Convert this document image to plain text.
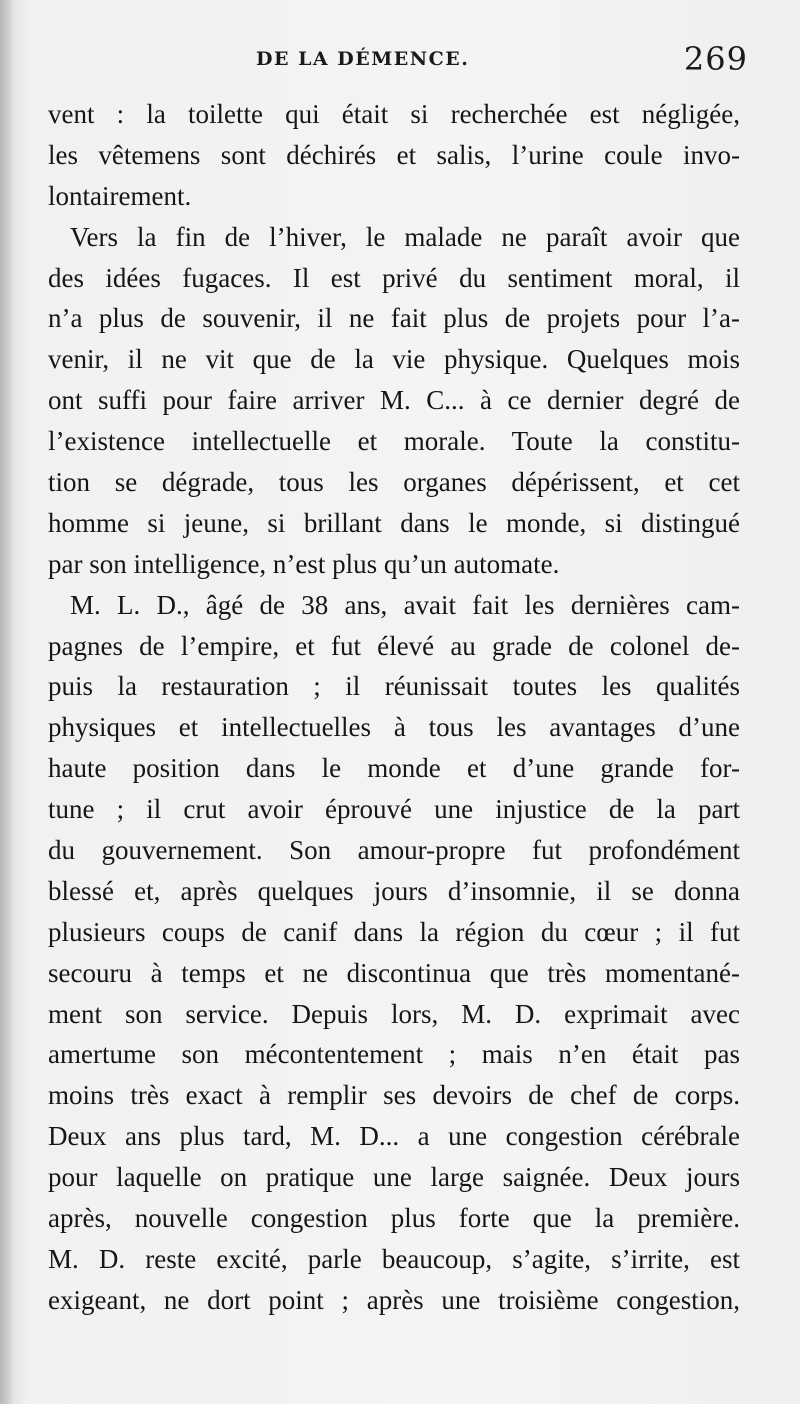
DE LA DÉMENCE.	269
vent : la toilette qui était si recherchée est négligée,
les vêtemens sont déchirés et salis, l’urine coule invo-
lontairement.
Vers la fin de l’hiver, le malade ne paraît avoir que
des idées fugaces. Il est privé du sentiment moral, il
n’a plus de souvenir, il ne fait plus de projets pour l’a-
venir, il ne vit que de la vie physique. Quelques mois
ont suffi pour faire arriver M. C... à ce dernier degré de
l’existence intellectuelle et morale. Toute la constitu-
tion se dégrade, tous les organes dépérissent, et cet
homme si jeune, si brillant dans le monde, si distingué
par son intelligence, n’est plus qu’un automate.
M. L. D., âgé de 38 ans, avait fait les dernières cam-
pagnes de l’empire, et fut élevé au grade de colonel de-
puis la restauration ; il réunissait toutes les qualités
physiques et intellectuelles à tous les avantages d’une
haute position dans le monde et d’une grande for-
tune ; il crut avoir éprouvé une injustice de la part
du gouvernement. Son amour-propre fut profondément
blessé et, après quelques jours d’insomnie, il se donna
plusieurs coups de canif dans la région du cœur ; il fut
secouru à temps et ne discontinua que très momentané-
ment son service. Depuis lors, M. D. exprimait avec
amertume son mécontentement ; mais n’en était pas
moins très exact à remplir ses devoirs de chef de corps.
Deux ans plus tard, M. D... a une congestion cérébrale
pour laquelle on pratique une large saignée. Deux jours
après, nouvelle congestion plus forte que la première.
M. D. reste excité, parle beaucoup, s’agite, s’irrite, est
exigeant, ne dort point ; après une troisième congestion,
